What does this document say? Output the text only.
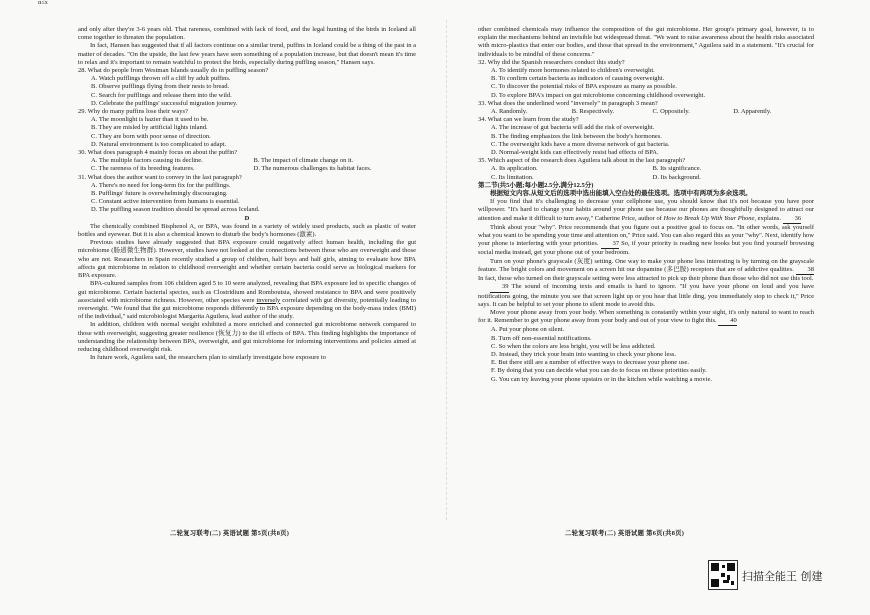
ɑ≤x

and only after they're 3-6 years old. That rareness, combined with lack of food, and the legal hunting of the birds in Iceland all come together to threaten the population.

In fact, Hansen has suggested that if all factors continue on a similar trend, puffins in Iceland could be a thing of the past in a matter of decades. "On the upside, the last few years have seen something of a population increase, but that doesn't mean it's time to relax and it's important to remain watchful to protect the birds, especially during puffling season," Hansen says.

28. What do people from Westman Islands usually do in puffling season?

A. Watch pufflings thrown off a cliff by adult puffins.

B. Observe pufflings flying from their nests to bread.

C. Search for pufflings and release them into the wild.

D. Celebrate the pufflings' successful migration journey.

29. Why do many puffins lose their ways?

A. The moonlight is hazier than it used to be.

B. They are misled by artificial lights inland.

C. They are born with poor sense of direction.

D. Natural environment is too complicated to adapt.

30. What does paragraph 4 mainly focus on about the puffin?

A. The multiple factors causing its decline.	B. The impact of climate change on it.
C. The rareness of its breeding features.	D. The numerous challenges its habitat faces.

31. What does the author want to convey in the last paragraph?

A. There's no need for long-term fix for the pufflings.

B. Pufflings' future is overwhelmingly discouraging.

C. Constant active intervention from humans is essential.

D. The puffling season tradition should be spread across Iceland.

D

The chemically combined Bisphenol A, or BPA, was found in a variety of widely used products, such as plastic of water bottles and eyewear. But it is also a chemical known to disturb the body's hormones (激素).

Previous studies have already suggested that BPA exposure could negatively affect human health, including the gut microbiome (肠道微生物群). However, studies have not looked at the connections between those who are overweight and those who are not. Researchers in Spain recently studied a group of children, half boys and half girls, aiming to evaluate how BPA affects gut microbiome in relation to childhood overweight and whether certain bacteria could serve as biological markers for BPA exposure.

BPA-cultured samples from 106 children aged 5 to 10 were analyzed, revealing that BPA exposure led to specific changes of gut microbiome. Certain bacterial species, such as Clostridium and Romboutsia, showed resistance to BPA and were positively associated with microbiome richness. However, other species were inversely correlated with gut diversity, potentially leading to overweight. "We found that the gut microbiome responds differently to BPA exposure depending on the body-mass index (BMI) of the individual," said microbiologist Margarita Aguilera, lead author of the study.

In addition, children with normal weight exhibited a more enriched and connected gut microbiome network compared to those with overweight, suggesting greater resilience (恢复力) to the ill effects of BPA. This finding highlights the importance of understanding the relationship between BPA, overweight, and gut microbiome for informing interventions and policies aimed at reducing childhood overweight risk.

In future work, Aguilera said, the researchers plan to similarly investigate how exposure to

二轮复习联考(二) 英语试题 第5页(共8页)

other combined chemicals may influence the composition of the gut microbiome. Her group's primary goal, however, is to explain the mechanisms behind an invisible but widespread threat. "We want to raise awareness about the health risks associated with micro-plastics that enter our bodies, and those that spread in the environment," Aguilera said in a statement. "It's crucial for individuals to be mindful of these concerns."

32. Why did the Spanish researchers conduct this study?

A. To identify more hormones related to children's overweight.

B. To confirm certain bacteria as indicators of causing overweight.

C. To discover the potential risks of BPA exposure as many as possible.

D. To explore BPA's impact on gut microbiome concerning childhood overweight.

33. What does the underlined word "inversely" in paragraph 3 mean?

A. Randomly.	B. Respectively.	C. Oppositely.	D. Apparently.

34. What can we learn from the study?

A. The increase of gut bacteria will add the risk of overweight.

B. The finding emphasizes the link between the body's hormones.

C. The overweight kids have a more diverse network of gut bacteria.

D. Normal-weight kids can effectively resist bad effects of BPA.

35. Which aspect of the research does Aguilera talk about in the last paragraph?

A. Its application.	B. Its significance.
C. Its limitation.	D. Its background.

第二节(共5小题;每小题2.5分,满分12.5分)

根据短文内容,从短文后的选项中选出能填入空白处的最佳选项。选项中有两项为多余选项。

If you find that it's challenging to decrease your cellphone use, you should know that it's not because you have poor willpower. "It's hard to change your habits around your phone use because our phones are thoughtfully designed to attract our attention and make it difficult to turn away," Catherine Price, author of How to Break Up With Your Phone, explains. 36

Think about your "why". Price recommends that you figure out a positive goal to focus on. "In other words, ask yourself what you want to be spending your time and attention on," Price said. You can also regard this as your "why". Next, identify how your phone is interfering with your priorities. 37 So, if your priority is reading new books but you find yourself browsing social media instead, get your phone out of your bedroom.

Turn on your phone's grayscale (灰度) setting. One way to make your phone less interesting is by turning on the grayscale feature. The bright colors and movement on a screen hit our dopamine (多巴胺) receptors that are of addictive qualities. 38 In fact, those who turned on their grayscale setting were less attracted to pick up their phone than those who did not use this tool.

39 The sound of incoming texts and emails is hard to ignore. "If you have your phone on loud and you have notifications going, the minute you see that screen light up or you hear that little ding, you immediately stop to check it," Price says. It can be helpful to set your phone to silent mode to avoid this.

Move your phone away from your body. When something is constantly within your sight, it's only natural to want to reach for it. Remember to get your phone away from your body and out of your view to fight this. 40

A. Put your phone on silent.

B. Turn off non-essential notifications.

C. So when the colors are less bright, you will be less addicted.

D. Instead, they trick your brain into wanting to check your phone less.

E. But there still are a number of effective ways to decrease your phone use.

F. By doing that you can decide what you can do to focus on those priorities easily.

G. You can try leaving your phone upstairs or in the kitchen while watching a movie.

二轮复习联考(二) 英语试题 第6页(共8页)
扫描全能王 创建
